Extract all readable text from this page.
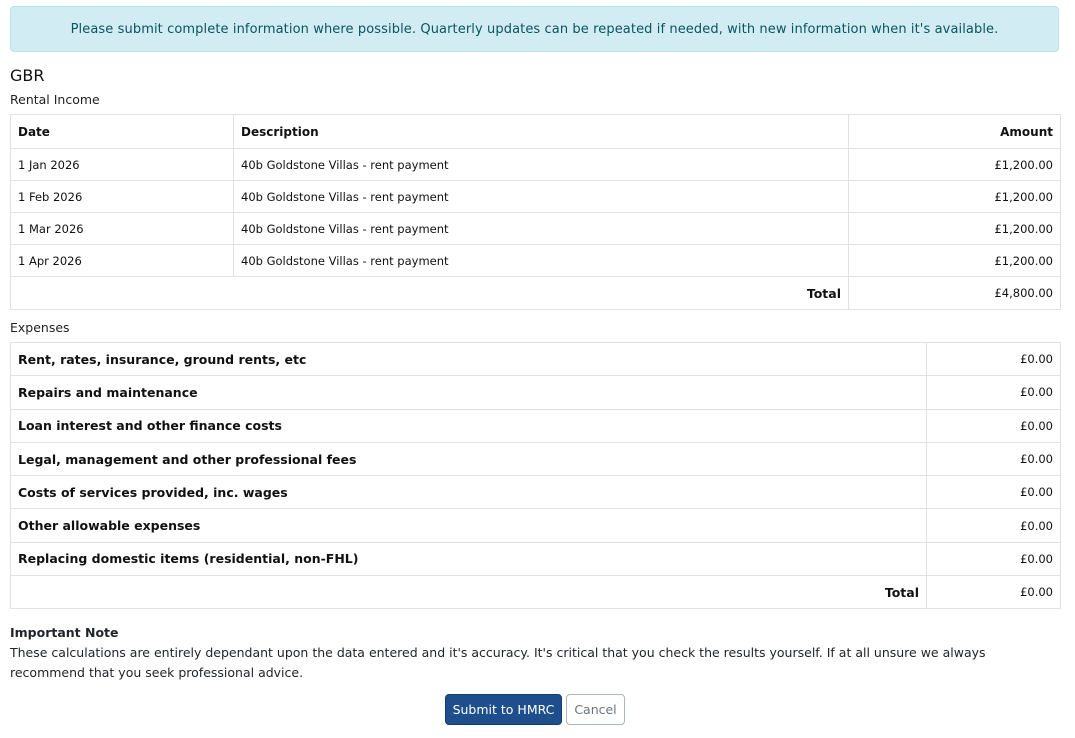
Please submit complete information where possible. Quarterly updates can be repeated if needed, with new information when it's available.
GBR
Rental Income
Date	Description	Amount
1 Jan 2026	40b Goldstone Villas - rent payment	£1,200.00
1 Feb 2026	40b Goldstone Villas - rent payment	£1,200.00
1 Mar 2026	40b Goldstone Villas - rent payment	£1,200.00
1 Apr 2026	40b Goldstone Villas - rent payment	£1,200.00
Total		£4,800.00
Expenses
Rent, rates, insurance, ground rents, etc	£0.00
Repairs and maintenance	£0.00
Loan interest and other finance costs	£0.00
Legal, management and other professional fees	£0.00
Costs of services provided, inc. wages	£0.00
Other allowable expenses	£0.00
Replacing domestic items (residential, non-FHL)	£0.00
Total	£0.00
Important Note
These calculations are entirely dependant upon the data entered and it's accuracy. It's critical that you check the results yourself. If at all unsure we always recommend that you seek professional advice.
Submit to HMRC	Cancel
